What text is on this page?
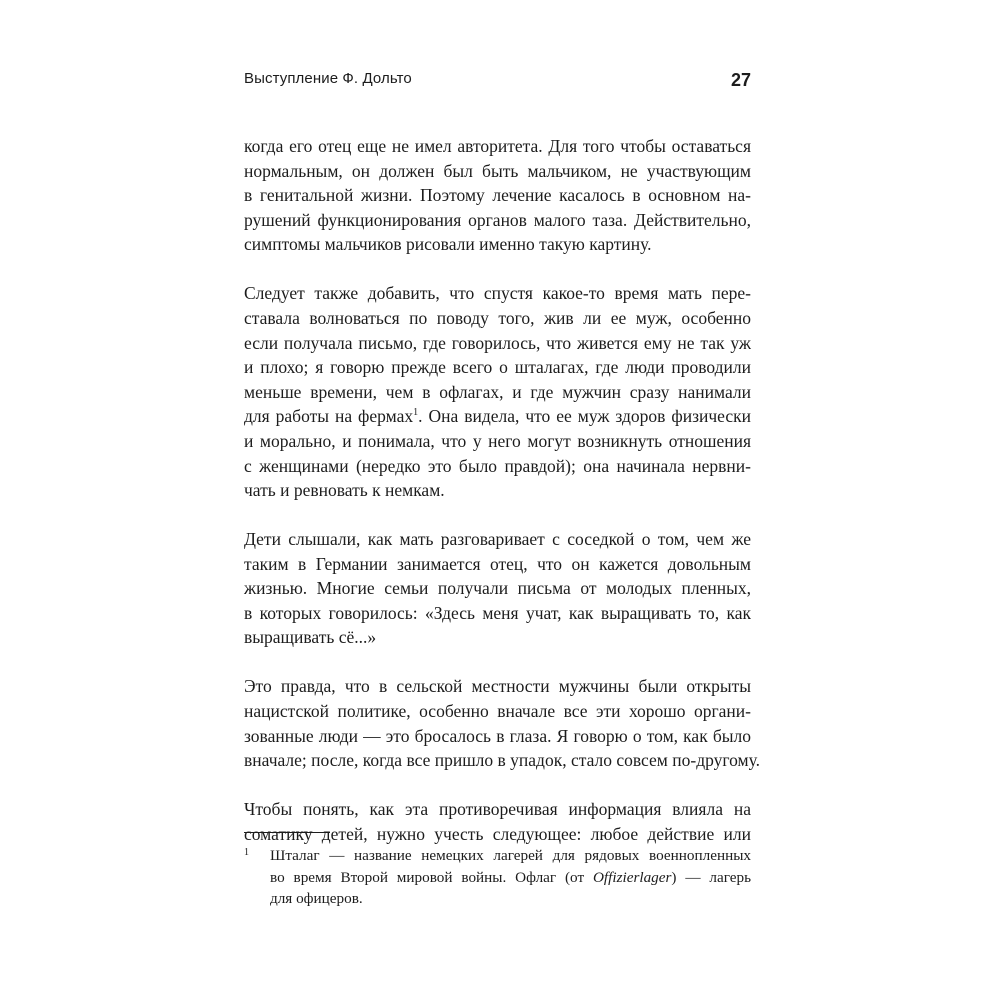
Выступление Ф. Дольто	27

когда его отец еще не имел авторитета. Для того чтобы оставаться
нормальным, он должен был быть мальчиком, не участвующим
в генитальной жизни. Поэтому лечение касалось в основном на-
рушений функционирования органов малого таза. Действительно,
симптомы мальчиков рисовали именно такую картину.

Следует также добавить, что спустя какое-то время мать пере-
ставала волноваться по поводу того, жив ли ее муж, особенно
если получала письмо, где говорилось, что живется ему не так уж
и плохо; я говорю прежде всего о шталагах, где люди проводили
меньше времени, чем в офлагах, и где мужчин сразу нанимали
для работы на фермах$^1$. Она видела, что ее муж здоров физически
и морально, и понимала, что у него могут возникнуть отношения
с женщинами (нередко это было правдой); она начинала нервни-
чать и ревновать к немкам.

Дети слышали, как мать разговаривает с соседкой о том, чем же
таким в Германии занимается отец, что он кажется довольным
жизнью. Многие семьи получали письма от молодых пленных,
в которых говорилось: «Здесь меня учат, как выращивать то, как
выращивать сё...»

Это правда, что в сельской местности мужчины были открыты
нацистской политике, особенно вначале все эти хорошо органи-
зованные люди — это бросалось в глаза. Я говорю о том, как было
вначале; после, когда все пришло в упадок, стало совсем по-другому.

Чтобы понять, как эта противоречивая информация влияла на
соматику детей, нужно учесть следующее: любое действие или

1 Шталаг — название немецких лагерей для рядовых военнопленных
во время Второй мировой войны. Офлаг (от Offizierlager) — лагерь
для офицеров.
